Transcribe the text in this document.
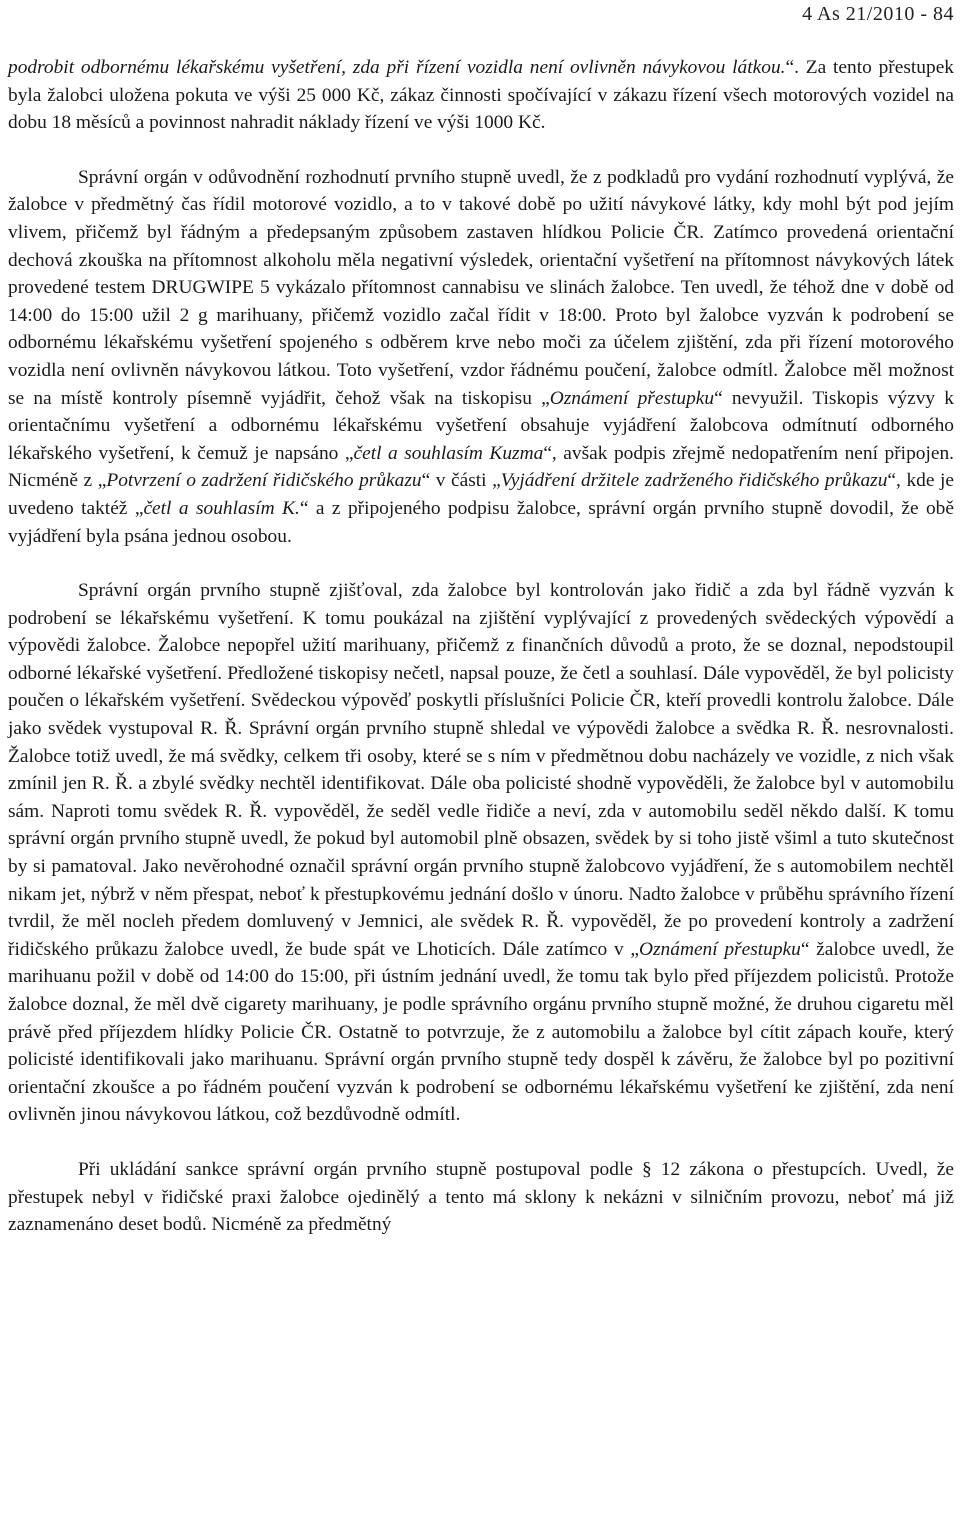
4 As 21/2010 - 84

podrobit odbornému lékařskému vyšetření, zda při řízení vozidla není ovlivněn návykovou látkou.“. Za tento přestupek byla žalobci uložena pokuta ve výši 25 000 Kč, zákaz činnosti spočívající v zákazu řízení všech motorových vozidel na dobu 18 měsíců a povinnost nahradit náklady řízení ve výši 1000 Kč.

Správní orgán v odůvodnění rozhodnutí prvního stupně uvedl, že z podkladů pro vydání rozhodnutí vyplývá, že žalobce v předmětný čas řídil motorové vozidlo, a to v takové době po užití návykové látky, kdy mohl být pod jejím vlivem, přičemž byl řádným a předepsaným způsobem zastaven hlídkou Policie ČR. Zatímco provedená orientační dechová zkouška na přítomnost alkoholu měla negativní výsledek, orientační vyšetření na přítomnost návykových látek provedené testem DRUGWIPE 5 vykázalo přítomnost cannabisu ve slinách žalobce. Ten uvedl, že téhož dne v době od 14:00 do 15:00 užil 2 g marihuany, přičemž vozidlo začal řídit v 18:00. Proto byl žalobce vyzván k podrobení se odbornému lékařskému vyšetření spojeného s odběrem krve nebo moči za účelem zjištění, zda při řízení motorového vozidla není ovlivněn návykovou látkou. Toto vyšetření, vzdor řádnému poučení, žalobce odmítl. Žalobce měl možnost se na místě kontroly písemně vyjádřit, čehož však na tiskopisu „Oznámení přestupku“ nevyužil. Tiskopis výzvy k orientačnímu vyšetření a odbornému lékařskému vyšetření obsahuje vyjádření žalobcova odmítnutí odborného lékařského vyšetření, k čemuž je napsáno „četl a souhlasím Kuzma“, avšak podpis zřejmě nedopatřením není připojen. Nicméně z „Potvrzení o zadržení řidičského průkazu“ v části „Vyjádření držitele zadrženého řidičského průkazu“, kde je uvedeno taktéž „četl a souhlasím K.“ a z připojeného podpisu žalobce, správní orgán prvního stupně dovodil, že obě vyjádření byla psána jednou osobou.

Správní orgán prvního stupně zjišťoval, zda žalobce byl kontrolován jako řidič a zda byl řádně vyzván k podrobení se lékařskému vyšetření. K tomu poukázal na zjištění vyplývající z provedených svědeckých výpovědí a výpovědi žalobce. Žalobce nepopřel užití marihuany, přičemž z finančních důvodů a proto, že se doznal, nepodstoupil odborné lékařské vyšetření. Předložené tiskopisy nečetl, napsal pouze, že četl a souhlasí. Dále vypověděl, že byl policisty poučen o lékařském vyšetření. Svědeckou výpověď poskytli příslušníci Policie ČR, kteří provedli kontrolu žalobce. Dále jako svědek vystupoval R. Ř. Správní orgán prvního stupně shledal ve výpovědi žalobce a svědka R. Ř. nesrovnalosti. Žalobce totiž uvedl, že má svědky, celkem tři osoby, které se s ním v předmětnou dobu nacházely ve vozidle, z nich však zmínil jen R. Ř. a zbylé svědky nechtěl identifikovat. Dále oba policisté shodně vypověděli, že žalobce byl v automobilu sám. Naproti tomu svědek R. Ř. vypověděl, že seděl vedle řidiče a neví, zda v automobilu seděl někdo další. K tomu správní orgán prvního stupně uvedl, že pokud byl automobil plně obsazen, svědek by si toho jistě všiml a tuto skutečnost by si pamatoval. Jako nevěrohodné označil správní orgán prvního stupně žalobcovo vyjádření, že s automobilem nechtěl nikam jet, nýbrž v něm přespat, neboť k přestupkovému jednání došlo v únoru. Nadto žalobce v průběhu správního řízení tvrdil, že měl nocleh předem domluvený v Jemnici, ale svědek R. Ř. vypověděl, že po provedení kontroly a zadržení řidičského průkazu žalobce uvedl, že bude spát ve Lhoticích. Dále zatímco v „Oznámení přestupku“ žalobce uvedl, že marihuanu požil v době od 14:00 do 15:00, při ústním jednání uvedl, že tomu tak bylo před příjezdem policistů. Protože žalobce doznal, že měl dvě cigarety marihuany, je podle správního orgánu prvního stupně možné, že druhou cigaretu měl právě před příjezdem hlídky Policie ČR. Ostatně to potvrzuje, že z automobilu a žalobce byl cítit zápach kouře, který policisté identifikovali jako marihuanu. Správní orgán prvního stupně tedy dospěl k závěru, že žalobce byl po pozitivní orientační zkoušce a po řádném poučení vyzván k podrobení se odbornému lékařskému vyšetření ke zjištění, zda není ovlivněn jinou návykovou látkou, což bezdůvodně odmítl.

Při ukládání sankce správní orgán prvního stupně postupoval podle § 12 zákona o přestupcích. Uvedl, že přestupek nebyl v řidičské praxi žalobce ojedinělý a tento má sklony k nekázni v silničním provozu, neboť má již zaznamenáno deset bodů. Nicméně za předmětný
